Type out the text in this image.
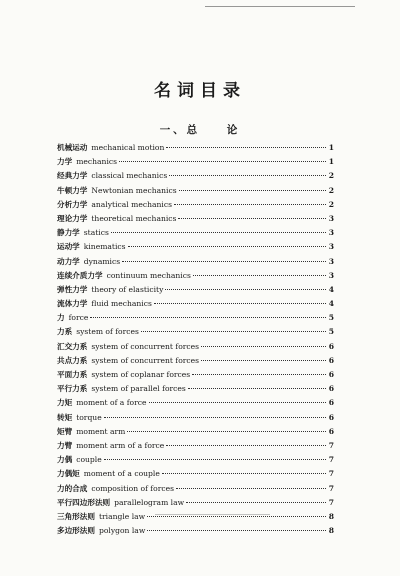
名词目录
一、总    论
机械运动 mechanical motion	1
力学 mechanics	1
经典力学 classical mechanics	2
牛顿力学 Newtonian mechanics	2
分析力学 analytical mechanics	2
理论力学 theoretical mechanics	3
静力学 statics	3
运动学 kinematics	3
动力学 dynamics	3
连续介质力学 continuum mechanics	3
弹性力学 theory of elasticity	4
流体力学 fluid mechanics	4
力 force	5
力系 system of forces	5
汇交力系 system of concurrent forces	6
共点力系 system of concurrent forces	6
平面力系 system of coplanar forces	6
平行力系 system of parallel forces	6
力矩 moment of a force	6
转矩 torque	6
矩臂 moment arm	6
力臂 moment arm of a force	7
力偶 couple	7
力偶矩 moment of a couple	7
力的合成 composition of forces	7
平行四边形法则 parallelogram law	7
三角形法则 triangle law	8
多边形法则 polygon law	8
